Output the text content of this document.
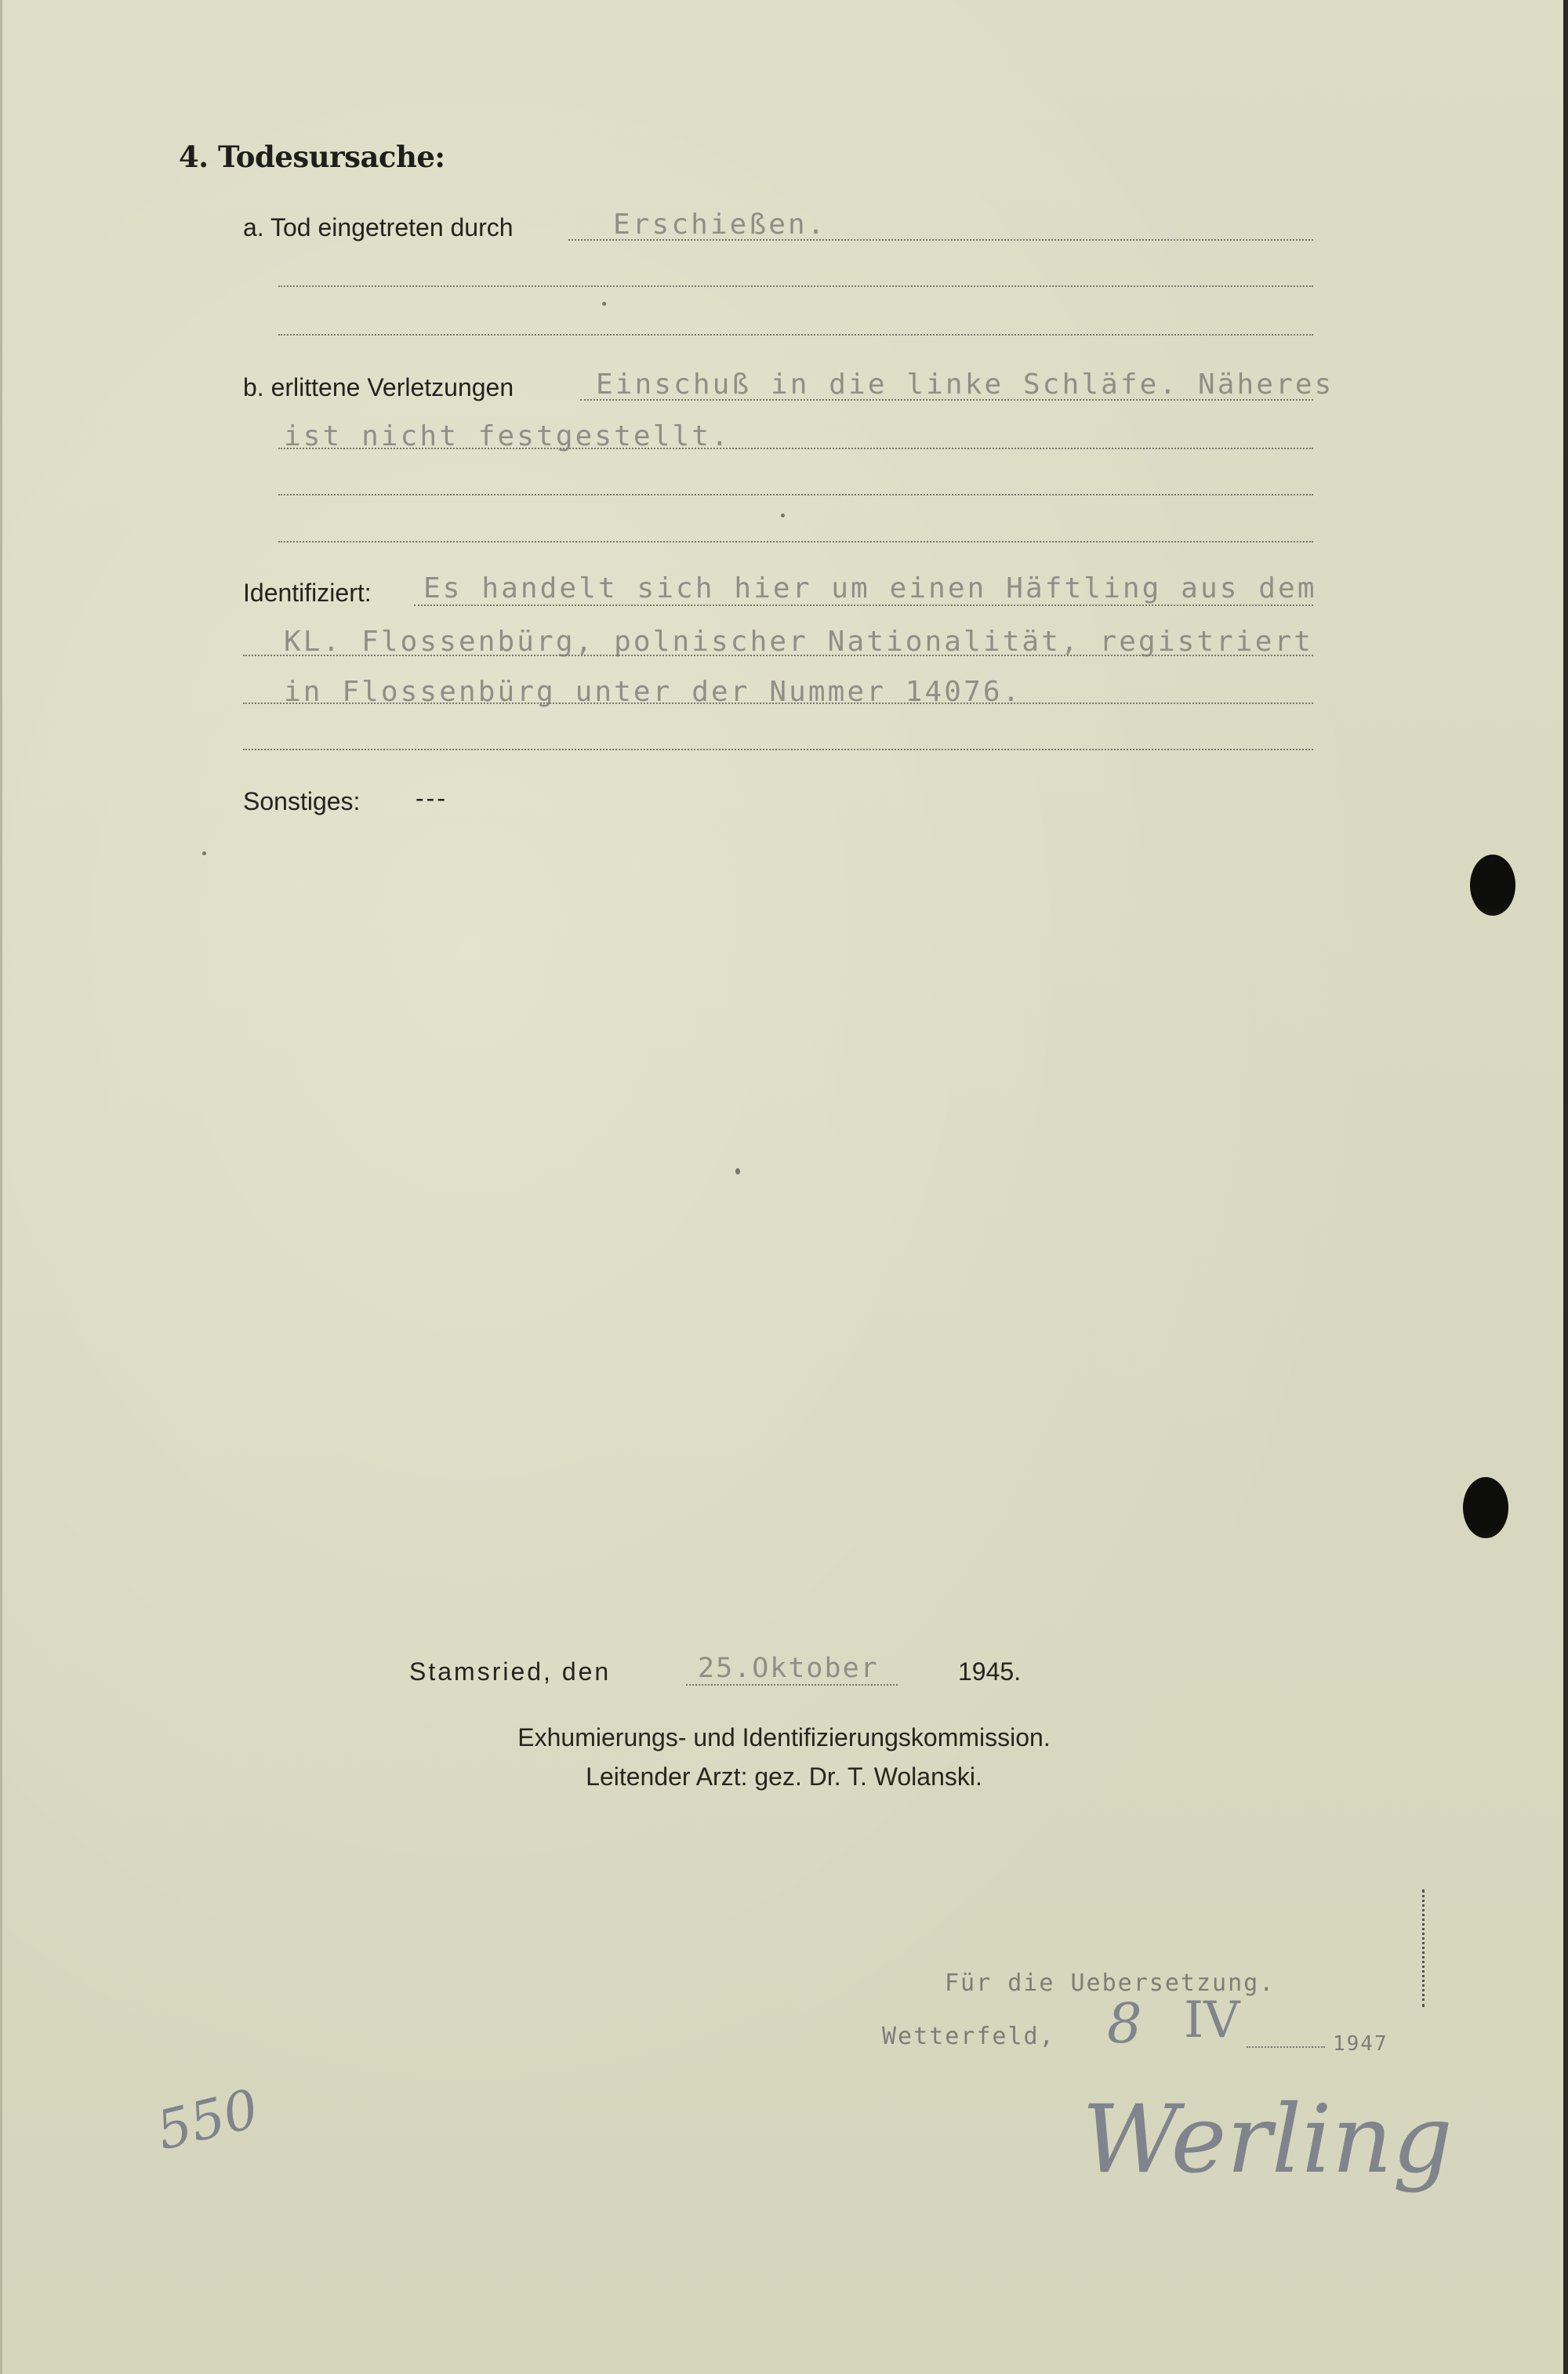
4. Todesursache:
a. Tod eingetreten durch	Erschießen.
b. erlittene Verletzungen	Einschuß in die linke Schläfe. Näheres
ist nicht festgestellt.
Identifiziert: Es handelt sich hier um einen Häftling aus dem
KL. Flossenbürg, polnischer Nationalität, registriert
in Flossenbürg unter der Nummer 14076.
Sonstiges: ---
Stamsried, den	25.Oktober	1945.
Exhumierungs- und Identifizierungskommission.
Leitender Arzt: gez. Dr. T. Wolanski.
Für die Uebersetzung.
Wetterfeld, 8 IV	1947
Werling
550
